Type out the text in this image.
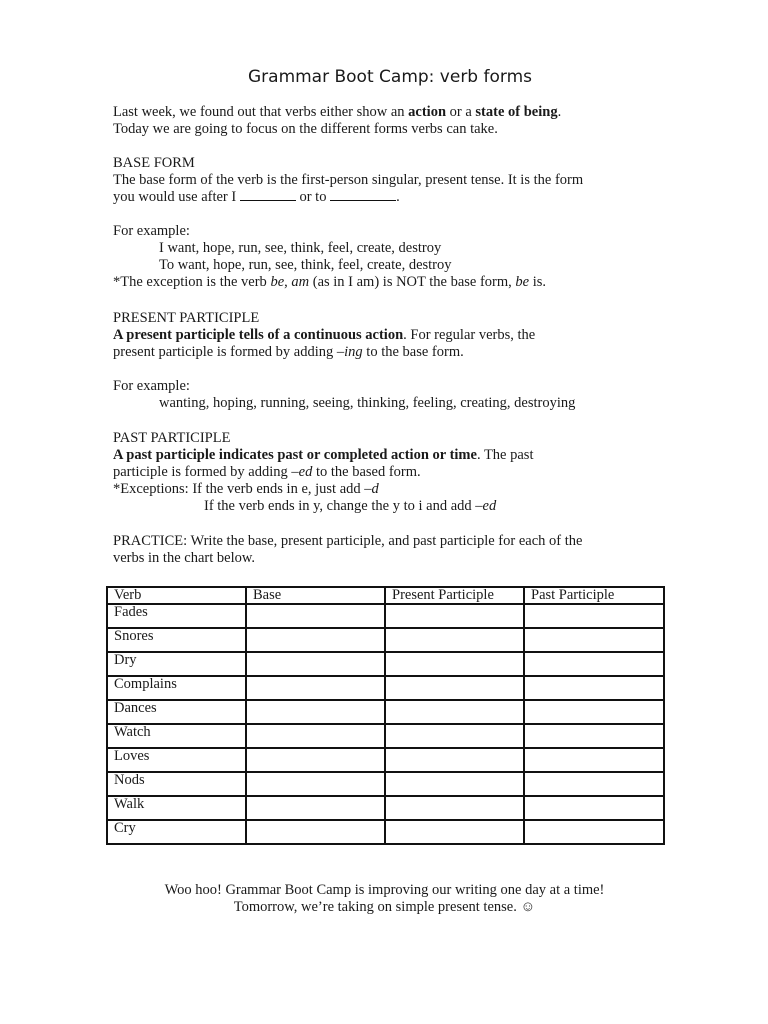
Grammar Boot Camp: verb forms

Last week, we found out that verbs either show an action or a state of being.

Today we are going to focus on the different forms verbs can take.

BASE FORM

The base form of the verb is the first-person singular, present tense. It is the form

you would use after I	or to	.

For example:

I want, hope, run, see, think, feel, create, destroy

To want, hope, run, see, think, feel, create, destroy

*The exception is the verb be, am (as in I am) is NOT the base form, be is.

PRESENT PARTICIPLE

A present participle tells of a continuous action. For regular verbs, the

present participle is formed by adding –ing to the base form.

For example:

wanting, hoping, running, seeing, thinking, feeling, creating, destroying

PAST PARTICIPLE

A past participle indicates past or completed action or time. The past

participle is formed by adding –ed to the based form.

*Exceptions: If the verb ends in e, just add –d

If the verb ends in y, change the y to i and add –ed

PRACTICE: Write the base, present participle, and past participle for each of the

verbs in the chart below.

Verb	Base	Present Participle	Past Participle
Fades			
Snores			
Dry			
Complains			
Dances			
Watch			
Loves			
Nods			
Walk			
Cry			

Woo hoo! Grammar Boot Camp is improving our writing one day at a time!

Tomorrow, we’re taking on simple present tense. ☺
